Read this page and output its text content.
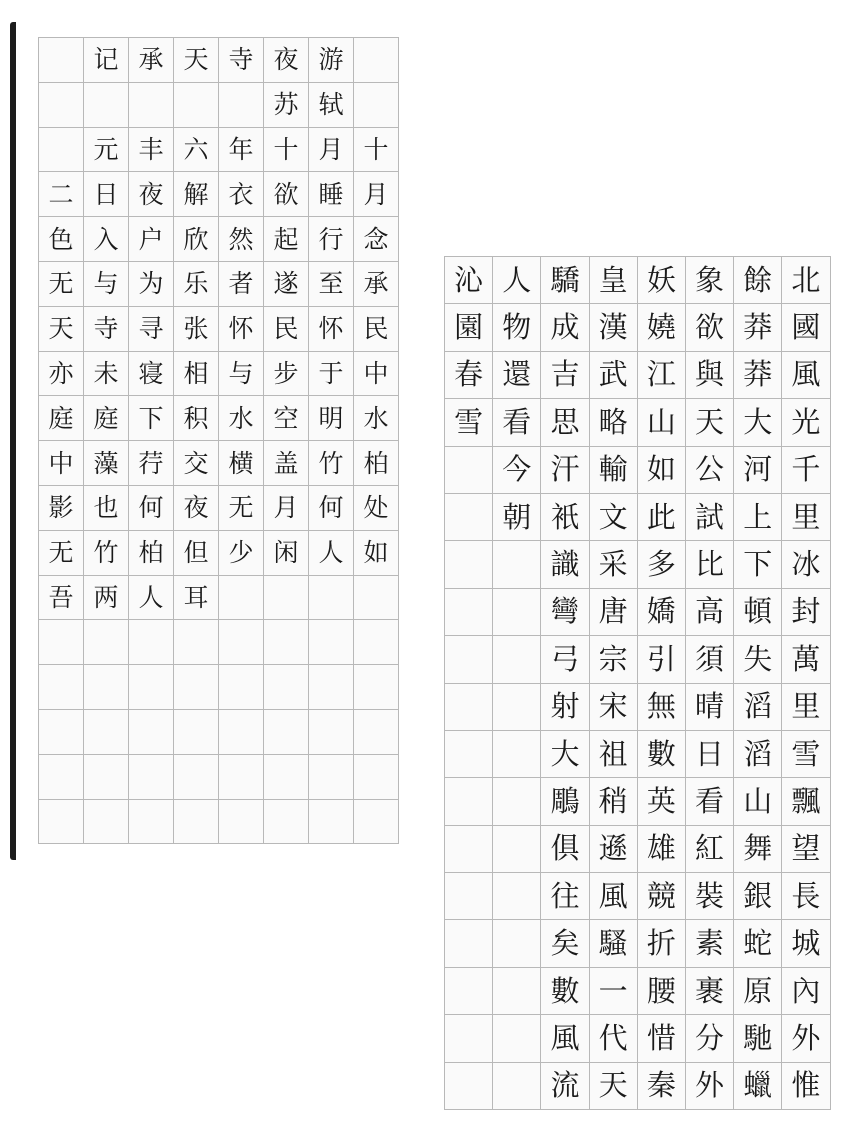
二
色
无
天
亦
庭
中
影
无
吾
记
元
日
入
与
寺
未
庭
藻
也
竹
两
承
丰
夜
户
为
寻
寝
下
荇
何
柏
人
天
六
解
欣
乐
张
相
积
交
夜
但
耳
寺
年
衣
然
者
怀
与
水
横
无
少
夜
苏
十
欲
起
遂
民
步
空
盖
月
闲
游
轼
月
睡
行
至
怀
于
明
竹
何
人
十
月
念
承
民
中
水
柏
处
如
沁
園
春
雪
人
物
還
看
今
朝
驕
成
吉
思
汗
衹
識
彎
弓
射
大
鵰
俱
往
矣
數
風
流
皇
漢
武
略
輸
文
采
唐
宗
宋
祖
稍
遜
風
騷
一
代
天
妖
嬈
江
山
如
此
多
嬌
引
無
數
英
雄
競
折
腰
惜
秦
象
欲
與
天
公
試
比
高
須
晴
日
看
紅
裝
素
裹
分
外
餘
莽
莽
大
河
上
下
頓
失
滔
滔
山
舞
銀
蛇
原
馳
蠟
北
國
風
光
千
里
冰
封
萬
里
雪
飄
望
長
城
內
外
惟
